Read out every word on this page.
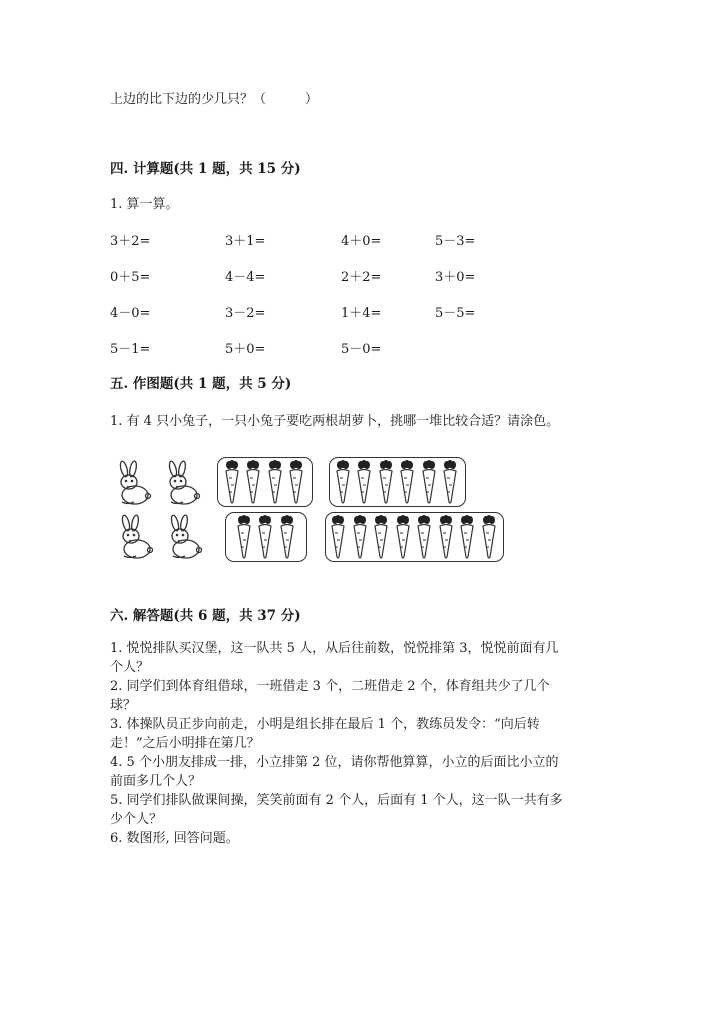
上边的比下边的少几只？（　　　）
四. 计算题(共 1 题，共 15 分)
1. 算一算。
3＋2=	3＋1=	4＋0=	5－3=
0＋5=	4－4=	2＋2=	3＋0=
4－0=	3－2=	1＋4=	5－5=
5－1=	5＋0=	5－0=
五. 作图题(共 1 题，共 5 分)
1. 有 4 只小兔子，一只小兔子要吃两根胡萝卜，挑哪一堆比较合适？请涂色。
六. 解答题(共 6 题，共 37 分)
1. 悦悦排队买汉堡，这一队共 5 人，从后往前数，悦悦排第 3，悦悦前面有几
个人？
2. 同学们到体育组借球，一班借走 3 个，二班借走 2 个，体育组共少了几个
球？
3. 体操队员正步向前走，小明是组长排在最后 1 个，教练员发令：“向后转
走！”之后小明排在第几？
4. 5 个小朋友排成一排，小立排第 2 位，请你帮他算算，小立的后面比小立的
前面多几个人？
5. 同学们排队做课间操，笑笑前面有 2 个人，后面有 1 个人，这一队一共有多
少个人？
6. 数图形, 回答问题。
